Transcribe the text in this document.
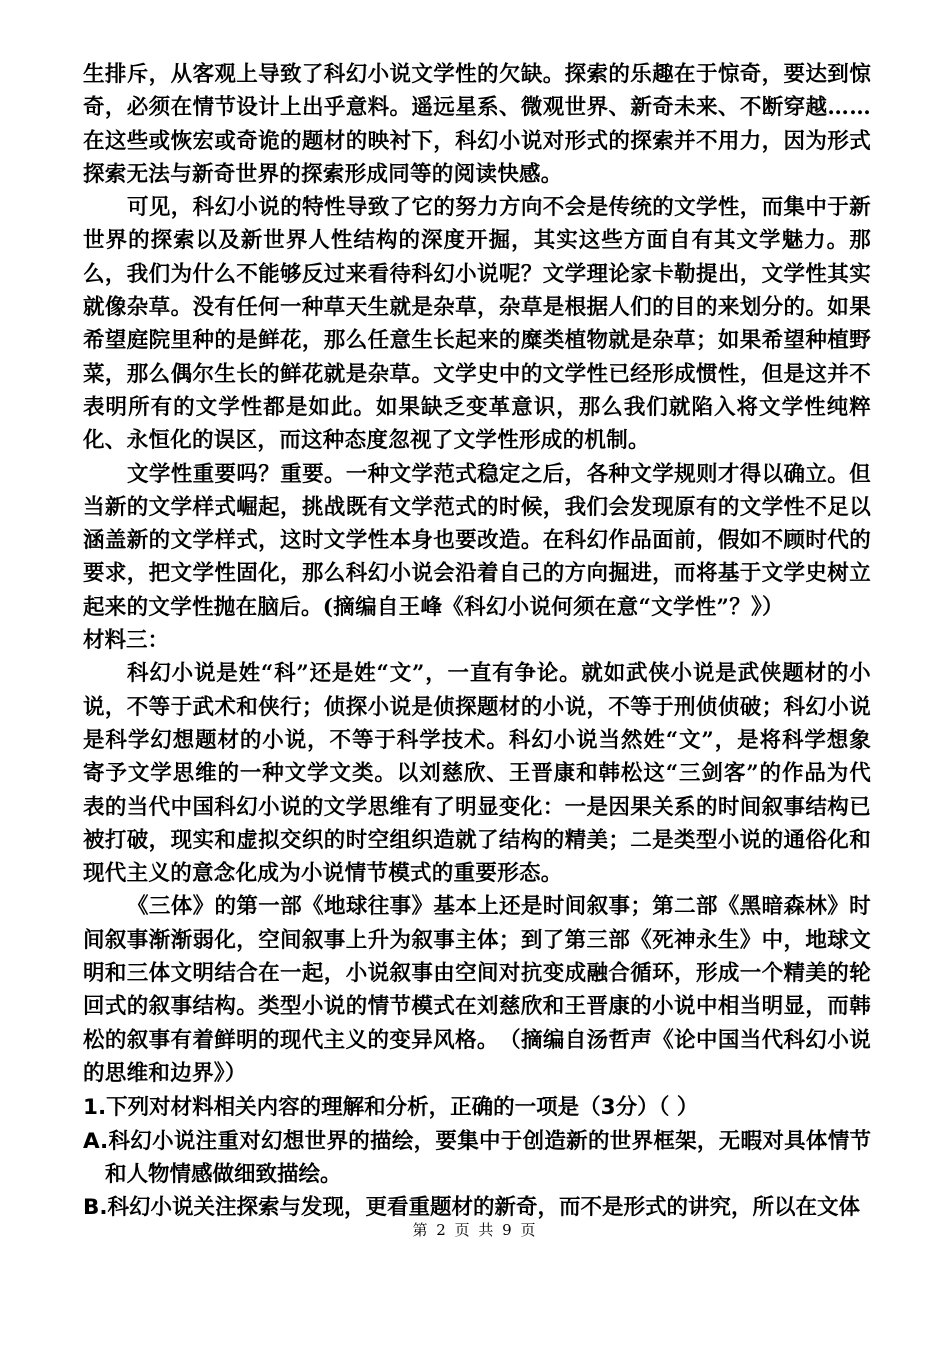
生排斥，从客观上导致了科幻小说文学性的欠缺。探索的乐趣在于惊奇，要达到惊奇，必须在情节设计上出乎意料。遥远星系、微观世界、新奇未来、不断穿越……在这些或恢宏或奇诡的题材的映衬下，科幻小说对形式的探索并不用力，因为形式探索无法与新奇世界的探索形成同等的阅读快感。

可见，科幻小说的特性导致了它的努力方向不会是传统的文学性，而集中于新世界的探索以及新世界人性结构的深度开掘，其实这些方面自有其文学魅力。那么，我们为什么不能够反过来看待科幻小说呢？文学理论家卡勒提出，文学性其实就像杂草。没有任何一种草天生就是杂草，杂草是根据人们的目的来划分的。如果希望庭院里种的是鲜花，那么任意生长起来的糜类植物就是杂草；如果希望种植野菜，那么偶尔生长的鲜花就是杂草。文学史中的文学性已经形成惯性，但是这并不表明所有的文学性都是如此。如果缺乏变革意识，那么我们就陷入将文学性纯粹化、永恒化的误区，而这种态度忽视了文学性形成的机制。

文学性重要吗？重要。一种文学范式稳定之后，各种文学规则才得以确立。但当新的文学样式崛起，挑战既有文学范式的时候，我们会发现原有的文学性不足以涵盖新的文学样式，这时文学性本身也要改造。在科幻作品面前，假如不顾时代的要求，把文学性固化，那么科幻小说会沿着自己的方向掘进，而将基于文学史树立起来的文学性抛在脑后。(摘编自王峰《科幻小说何须在意“文学性”？》）

材料三：

科幻小说是姓“科”还是姓“文”，一直有争论。就如武侠小说是武侠题材的小说，不等于武术和侠行；侦探小说是侦探题材的小说，不等于刑侦侦破；科幻小说是科学幻想题材的小说，不等于科学技术。科幻小说当然姓“文”，是将科学想象寄予文学思维的一种文学文类。以刘慈欣、王晋康和韩松这“三剑客”的作品为代表的当代中国科幻小说的文学思维有了明显变化：一是因果关系的时间叙事结构已被打破，现实和虚拟交织的时空组织造就了结构的精美；二是类型小说的通俗化和现代主义的意念化成为小说情节模式的重要形态。

《三体》的第一部《地球往事》基本上还是时间叙事；第二部《黑暗森林》时间叙事渐渐弱化，空间叙事上升为叙事主体；到了第三部《死神永生》中，地球文明和三体文明结合在一起，小说叙事由空间对抗变成融合循环，形成一个精美的轮回式的叙事结构。类型小说的情节模式在刘慈欣和王晋康的小说中相当明显，而韩松的叙事有着鲜明的现代主义的变异风格。　（摘编自汤哲声《论中国当代科幻小说的思维和边界》）

1.下列对材料相关内容的理解和分析，正确的一项是（3分）（ ）

A.科幻小说注重对幻想世界的描绘，要集中于创造新的世界框架，无暇对具体情节和人物情感做细致描绘。

B.科幻小说关注探索与发现，更看重题材的新奇，而不是形式的讲究，所以在文体

第 2 页 共 9 页
